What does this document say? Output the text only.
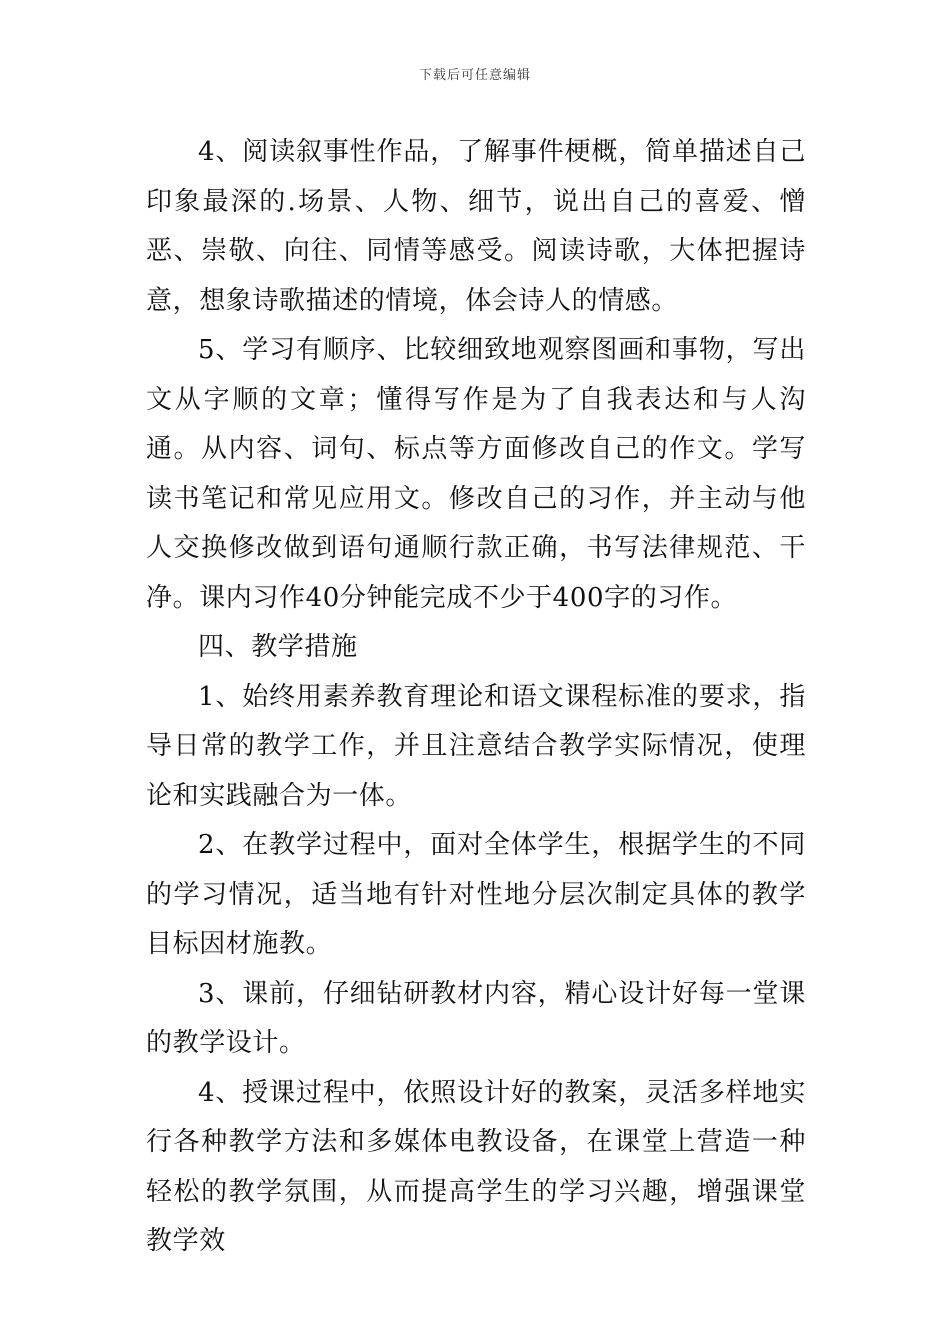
下载后可任意编辑

4、阅读叙事性作品，了解事件梗概，简单描述自己印象最深的.场景、人物、细节，说出自己的喜爱、憎恶、崇敬、向往、同情等感受。阅读诗歌，大体把握诗意，想象诗歌描述的情境，体会诗人的情感。

5、学习有顺序、比较细致地观察图画和事物，写出文从字顺的文章；懂得写作是为了自我表达和与人沟通。从内容、词句、标点等方面修改自己的作文。学写读书笔记和常见应用文。修改自己的习作，并主动与他人交换修改做到语句通顺行款正确，书写法律规范、干净。课内习作40分钟能完成不少于400字的习作。

四、教学措施

1、始终用素养教育理论和语文课程标准的要求，指导日常的教学工作，并且注意结合教学实际情况，使理论和实践融合为一体。

2、在教学过程中，面对全体学生，根据学生的不同的学习情况，适当地有针对性地分层次制定具体的教学目标因材施教。

3、课前，仔细钻研教材内容，精心设计好每一堂课的教学设计。

4、授课过程中，依照设计好的教案，灵活多样地实行各种教学方法和多媒体电教设备，在课堂上营造一种轻松的教学氛围，从而提高学生的学习兴趣，增强课堂教学效
